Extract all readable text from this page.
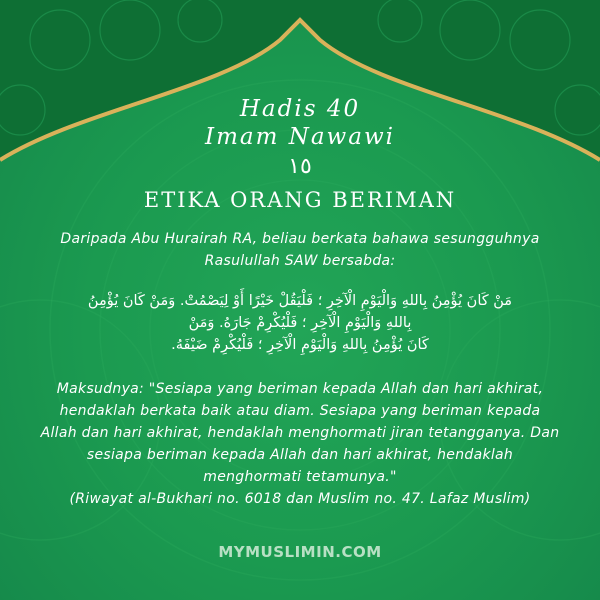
Hadis 40
Imam Nawawi
١٥
ETIKA ORANG BERIMAN
Daripada Abu Hurairah RA, beliau berkata bahawa sesungguhnya Rasulullah SAW bersabda:
مَنْ كَانَ يُؤْمِنُ بِاللهِ وَالْيَوْمِ الْآخِرِ ؛ فَلْيَقُلْ خَيْرًا أَوْ لِيَصْمُتْ. وَمَنْ كَانَ يُؤْمِنُ
بِاللهِ وَالْيَوْمِ الْآخِرِ ؛ فَلْيُكْرِمْ جَارَهُ. وَمَنْ
كَانَ يُؤْمِنُ بِاللهِ وَالْيَوْمِ الْآخِرِ ؛ فَلْيُكْرِمْ ضَيْفَهُ.
Maksudnya: "Sesiapa yang beriman kepada Allah dan hari akhirat, hendaklah berkata baik atau diam. Sesiapa yang beriman kepada Allah dan hari akhirat, hendaklah menghormati jiran tetangganya. Dan sesiapa beriman kepada Allah dan hari akhirat, hendaklah menghormati tetamunya."
(Riwayat al-Bukhari no. 6018 dan Muslim no. 47. Lafaz Muslim)
MYMUSLIMIN.COM
